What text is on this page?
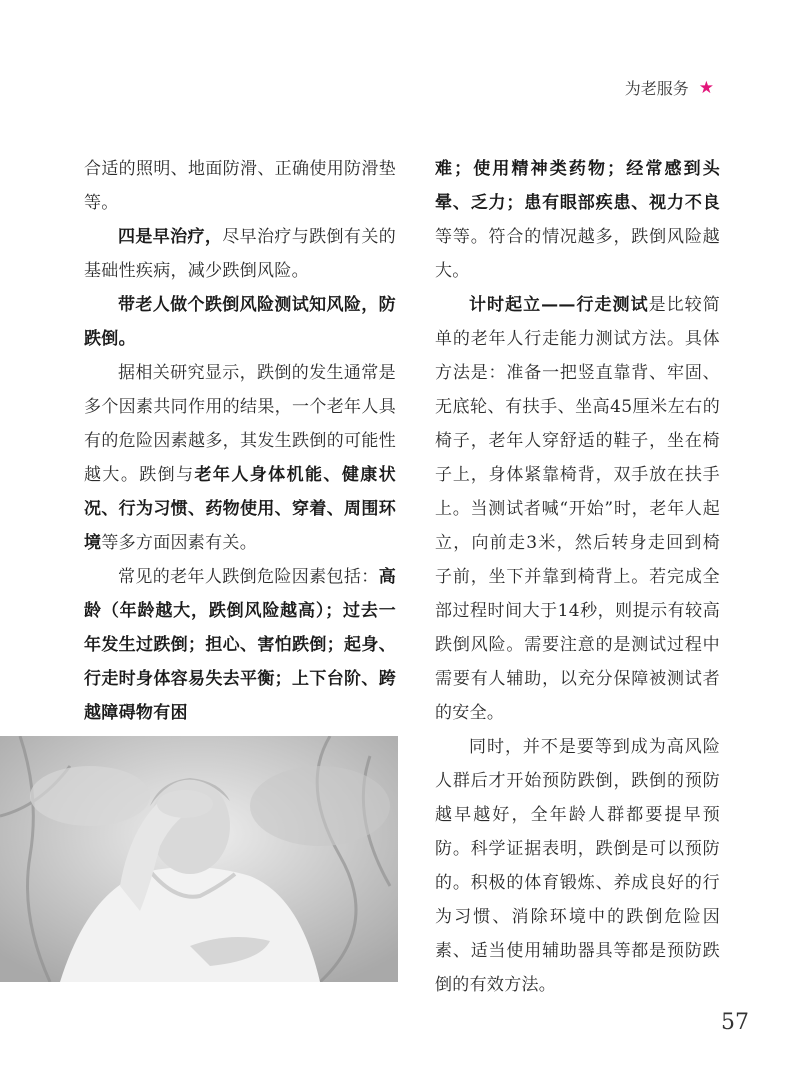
为老服务 ★

合适的照明、地面防滑、正确使用防滑垫等。

四是早治疗，尽早治疗与跌倒有关的基础性疾病，减少跌倒风险。

带老人做个跌倒风险测试知风险，防跌倒。

据相关研究显示，跌倒的发生通常是多个因素共同作用的结果，一个老年人具有的危险因素越多，其发生跌倒的可能性越大。跌倒与老年人身体机能、健康状况、行为习惯、药物使用、穿着、周围环境等多方面因素有关。

常见的老年人跌倒危险因素包括：高龄（年龄越大，跌倒风险越高）；过去一年发生过跌倒；担心、害怕跌倒；起身、行走时身体容易失去平衡；上下台阶、跨越障碍物有困

难；使用精神类药物；经常感到头晕、乏力；患有眼部疾患、视力不良等等。符合的情况越多，跌倒风险越大。

计时起立——行走测试是比较简单的老年人行走能力测试方法。具体方法是：准备一把竖直靠背、牢固、无底轮、有扶手、坐高45厘米左右的椅子，老年人穿舒适的鞋子，坐在椅子上，身体紧靠椅背，双手放在扶手上。当测试者喊“开始”时，老年人起立，向前走3米，然后转身走回到椅子前，坐下并靠到椅背上。若完成全部过程时间大于14秒，则提示有较高跌倒风险。需要注意的是测试过程中需要有人辅助，以充分保障被测试者的安全。

同时，并不是要等到成为高风险人群后才开始预防跌倒，跌倒的预防越早越好，全年龄人群都要提早预防。科学证据表明，跌倒是可以预防的。积极的体育锻炼、养成良好的行为习惯、消除环境中的跌倒危险因素、适当使用辅助器具等都是预防跌倒的有效方法。

57
